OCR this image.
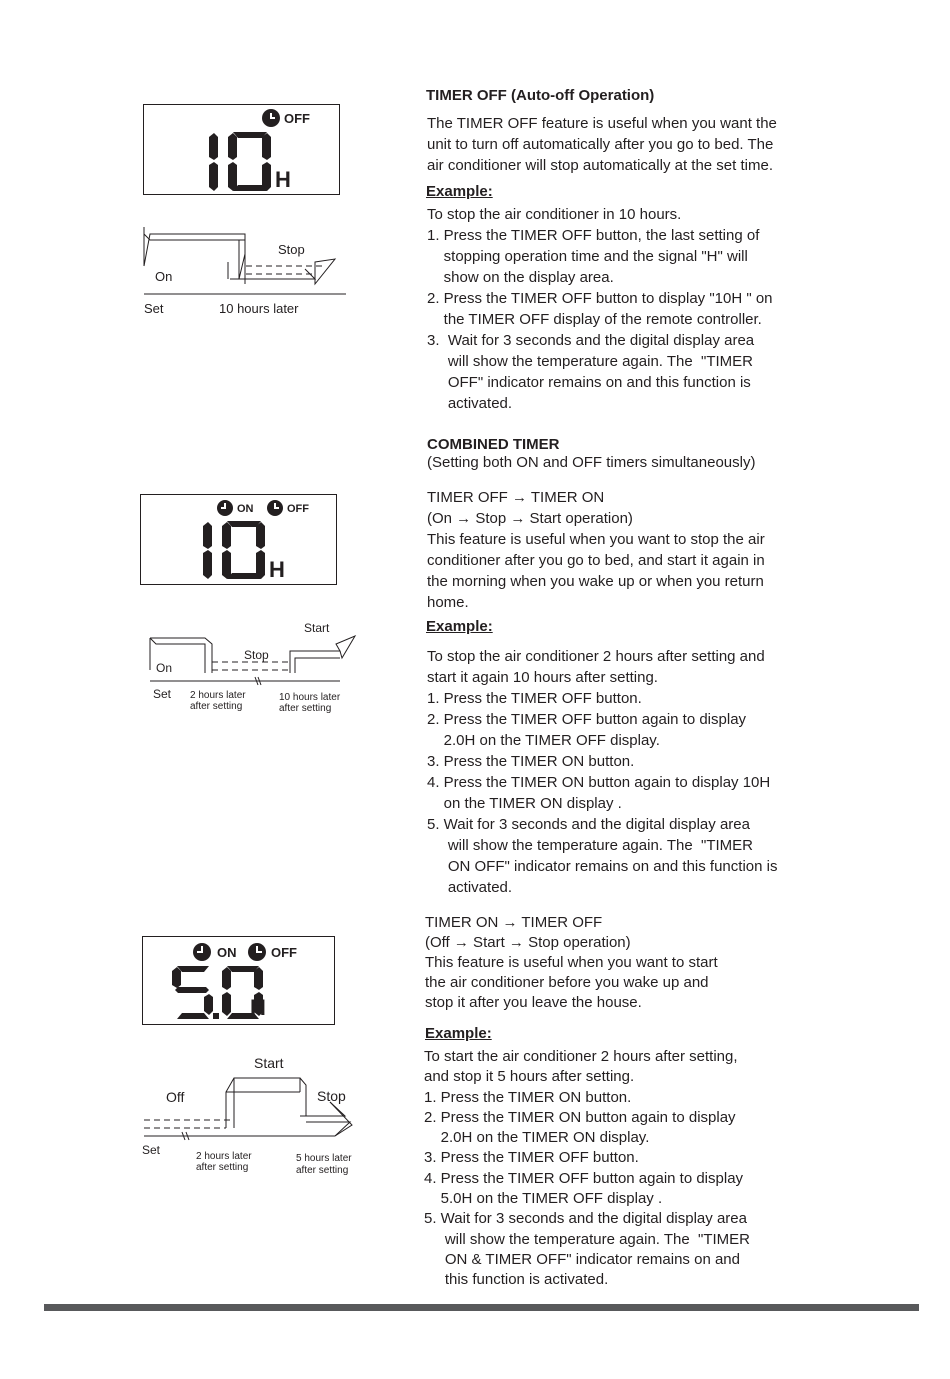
TIMER OFF (Auto-off Operation)
The TIMER OFF feature is useful when you want the
unit to turn off automatically after you go to bed. The
air conditioner will stop automatically at the set time.
Example:
To stop the air conditioner in 10 hours.
1. Press the TIMER OFF button, the last setting of
stopping operation time and the signal "H" will
show on the display area.
2. Press the TIMER OFF button to display "10H " on
the TIMER OFF display of the remote controller.
3.  Wait for 3 seconds and the digital display area
will show the temperature again. The  "TIMER
OFF" indicator remains on and this function is
activated.
OFF
H
On
Stop
Set	10 hours later
COMBINED TIMER
(Setting both ON and OFF timers simultaneously)
TIMER OFF → TIMER ON
(On → Stop → Start operation)
This feature is useful when you want to stop the air
conditioner after you go to bed, and start it again in
the morning when you wake up or when you return
home.
Example:
To stop the air conditioner 2 hours after setting and
start it again 10 hours after setting.
1. Press the TIMER OFF button.
2. Press the TIMER OFF button again to display
2.0H on the TIMER OFF display.
3. Press the TIMER ON button.
4. Press the TIMER ON button again to display 10H
on the TIMER ON display .
5. Wait for 3 seconds and the digital display area
will show the temperature again. The  "TIMER
ON OFF" indicator remains on and this function is
activated.
ON	OFF
H
On
Stop
Start
Set 2 hours later
after setting
10 hours later
after setting
TIMER ON → TIMER OFF
(Off → Start → Stop operation)
This feature is useful when you want to start
the air conditioner before you wake up and
stop it after you leave the house.
Example:
To start the air conditioner 2 hours after setting,
and stop it 5 hours after setting.
1. Press the TIMER ON button.
2. Press the TIMER ON button again to display
2.0H on the TIMER ON display.
3. Press the TIMER OFF button.
4. Press the TIMER OFF button again to display
5.0H on the TIMER OFF display .
5. Wait for 3 seconds and the digital display area
will show the temperature again. The  "TIMER
ON & TIMER OFF" indicator remains on and
this function is activated.
ON	OFF
H
Off
Start
Stop
Set	2 hours later
after setting
5 hours later
after setting
